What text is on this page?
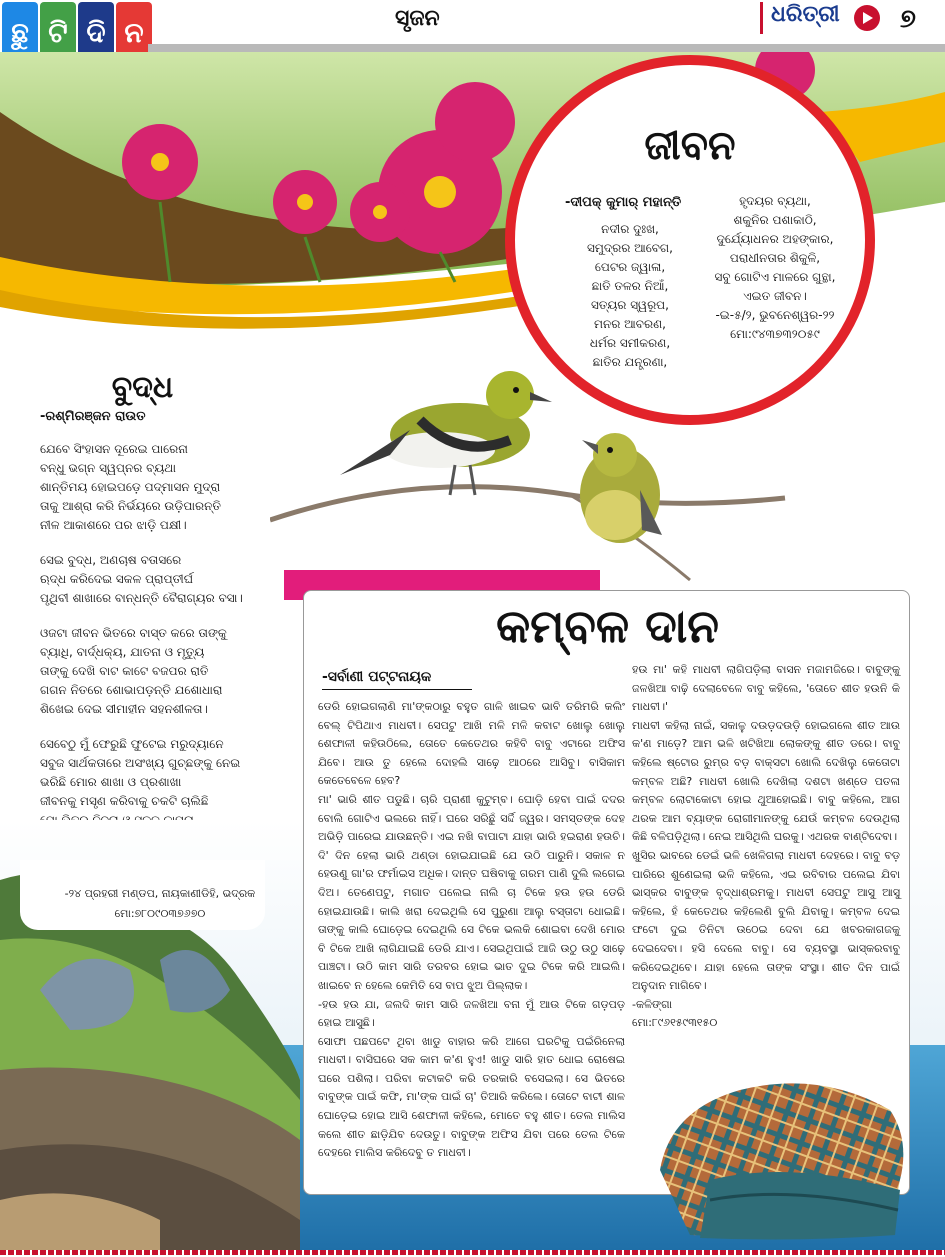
ଛୁ ଟି ଦି ନ	ସୃଜନ	ଧରିତ୍ରୀ	୭
ଜୀବନ
-ଦୀପକ୍ କୁମାର୍ ମହାନ୍ତି
ନଦୀର ଦୁଃଖ,
ସମୁଦ୍ରର ଆବେଗ,
ପେଟର ଜ୍ୱାଳା,
ଛାତି ତଳର ନିଆଁ,
ସତ୍ୟର ସ୍ୱରୂପ,
ମନର ଆବରଣ,
ଧର୍ମର ସମୀକରଣ,
ଛାତିର ଯନ୍ତ୍ରଣା,
ହୃଦୟର ବ୍ୟଥା,
ଶକୁନିର ପଶାକାଠି,
ଦୁର୍ଯ୍ୟୋଧନର ଅହଙ୍କାର,
ପରାଧୀନତାର ଶିକୁଳି,
ସବୁ ଗୋଟିଏ ମାଳରେ ଗୁନ୍ଥା,
ଏଇତ ଜୀବନ।
-ଇ-୫/୨, ଭୁବନେଶ୍ୱର-୨୨
ମୋ:୯୪୩୭୩୨୦୫୯
ବୁଦ୍ଧ
-ରଶ୍ମିରଞ୍ଜନ ରାଉତ
ଯେବେ ସିଂହାସନ ଦୂରେଇ ପାରେନା
ବନ୍ଧୁ ଭଗ୍ନ ସ୍ୱପ୍ନର ବ୍ୟଥା
ଶାନ୍ତିମୟ ହୋଇପଡ଼େ ପଦ୍ମାସନ ମୁଦ୍ରା
ତାକୁ ଆଶ୍ରା କରି ନିର୍ଭୟରେ ଉଡ଼ିପାରନ୍ତି
ନୀଳ ଆକାଶରେ ପର ଝାଡ଼ି ପକ୍ଷୀ।
ସେଇ ବୁଦ୍ଧ, ଅଣଚାଷ ବତାସରେ
ଋଦ୍ଧ କରିଦେଇ ସକଳ ପ୍ରାପ୍ତୀର୍ଘ
ପୃଥିବୀ ଶାଖାରେ ବାନ୍ଧନ୍ତି ବୈରାଗ୍ୟର ବସା।
ଓଜଟା ଜୀବନ ଭିତରେ ବାସ୍ତ କରେ ତାଙ୍କୁ
ବ୍ୟାଧି, ବାର୍ଦ୍ଧକ୍ୟ, ଯାତନା ଓ ମୃତ୍ୟୁ
ତାଙ୍କୁ ଦେଖି ବାଟ କାଟେ ବଜପର ରାତି
ଗଗନ ନିତରେ ଶୋଭାପଡ଼ନ୍ତି ଯଶୋଧାରା
ଶିଖେଇ ଦେଇ ସୀମାହୀନ ସହନଶୀଳତା।
ସେବେଠୁ ମୁଁ ଫେରୁଛି ଫୁଟେଇ ମରୁଦ୍ୟାନେ
ସବୁଜ ସାର୍ଥକତାରେ ଅସଂଖ୍ୟ ଗୁଚ୍ଛଙ୍କୁ ନେଇ
ଭରିଛି ମୋର ଶାଖା ଓ ପ୍ରଶାଖା
ଜୀବନକୁ ମସୃଣ କରିବାକୁ ଚକଟି ଚାଲିଛି
-୨୪ ପ୍ରହରୀ ମଣ୍ଡପ, ନାୟକାଣୀଡିହି, ଭଦ୍ରକ
ମୋ:୭୮୦୯୦୩୭୬୭୦
କମ୍ବଳ ଦାନ
-ସର୍ବାଣୀ ପଟ୍ଟନାୟକ

ଡେରି ହୋଇଗଲାଣି ମା'ଙ୍କଠାରୁ ବହୁତ ଗାଳି ଖାଇବ ଭାବି ତରିମରି କଲିଂ ବେଲ୍ ଟିପିଥାଏ ମାଧବୀ। ସେପଟୁ ଆଖି ମଳି ମଳି କବାଟ ଖୋଲୁ ଖୋଲୁ ଶେଫାଳୀ କହିଉଠିଲେ, ତୋତେ କେତେଥର କହିବି ବାବୁ ଏଟାରେ ଅଫିସ ଯିବେ। ଆଉ ତୁ ହେଲେ ଦୋହଲି ସାଢ଼େ ଆଠରେ ଆସିବୁ। ବାସିକାମ କେତେବେଳେ ହେବ?

ମା' ଭାରି ଶୀତ ପଡୁଛି। ଚାରି ପ୍ରାଣୀ କୁଟୁମ୍ବ। ଘୋଡ଼ି ହେବା ପାଇଁ ଦଦର ବୋଲି ଗୋଟିଏ ଭଲରେ ନାହିଁ। ଘରେ ସରିଛୁଁ ସର୍ଦ୍ଦି ଜ୍ୱର। ସମସ୍ତଙ୍କ ଦେହ ଅଭିଡ଼ି ପାରେଇ ଯାଉଛନ୍ତି। ଏଇ ନଖି ବାପାଟା ଯାହା ଭାରି ହଇରାଣ ହଉଚି। ଦି' ଦିନ ହେଲା ଭାରି ଥଣ୍ଡା ହୋଇଯାଇଛି ଯେ ଉଠି ପାରୁନି। ସକାଳ ନ ହେଉଣୁ ଗା'ର ଫର୍ମାଇସ ଅଧିକ। ଦାନ୍ତ ଘଷିବାକୁ ଗରମ ପାଣି ଦୁଲି ଲଗେଇ ଦିଅ। ତେଣେପଟୁ, ମଗାତ ପଲେଇ ନାଲି ଚା ଟିକେ ହଉ ହଉ ଡେରି ହୋଇଯାଉଛି। କାଲି ଖରା ଦେଇଥିଲି ସେ ପୁରୁଣା ଆଲୁ ବସ୍ତାଟା ଧୋଇଛି। ତାଙ୍କୁ କାଲି ଘୋଡ଼େଇ ଦେଇଥିଲି ସେ ଟିକେ ଭଲକି ଶୋଇବା ଦେଖି ମୋର ବି ଟିକେ ଆଖି ଲାଗିଯାଇଛି ଡେରି ଯାଏ। ସେଇଥିପାଇଁ ଆଜି ଉଠୁ ଉଠୁ ସାଢ଼େ ପାଞ୍ଚଟା। ଉଠି କାମ ସାରି ତରବର ହୋଇ ଭାତ ଦୁଇ ଟିକେ କରି ଆଇଲି। ଖାଇବେ ନ ହେଲେ କେମିତି ସେ ବାପ ଝୁଅ ପିଲ୍ଲାକ।

-ହଉ ହଉ ଯା, ଜଲଦି କାମ ସାରି ଜଳଖିଆ ବନା ମୁଁ ଆଉ ଟିକେ ଗଡ଼ପଡ଼ ହୋଇ ଆସୁଛି।

ସୋଫା ପଛପଟେ ଥିବା ଖାଡୁ ବାହାର କରି ଆଗେ ଘରଟିକୁ ପଇଁରିନେଲା ମାଧବୀ। ବାସିଘରେ ସକ କାମ କ'ଣ ହୁଏ! ଖାଡୁ ସାରି ହାତ ଧୋଇ ରୋଷେଇ ଘରେ ପଶିଲା। ପରିବା କଟାକଟି କରି ତରକାରି ବସେଇଲା। ସେ ଭିତରେ ବାବୁଙ୍କ ପାଇଁ କଫି, ମା'ଙ୍କ ପାଇଁ ଚା' ତିଆରି କରିଲେ। ତୋଟେ ବାଟୀ ଶାଳ ଘୋଡ଼େଇ ହୋଇ ଆସି ଶେଫାଳୀ କହିଲେ, ମୋତେ ବହୁ ଶୀତ। ତେଲ ମାଲିସ କଲେ ଶୀତ ଛାଡ଼ିଯିବ ଦେଉତୁ। ବାବୁଙ୍କ ଅଫିସ ଯିବା ପରେ ତେଲ ଟିକେ ଦେହରେ ମାଲିସ କରିଦେବୁ ତ ମାଧବୀ।

ହଉ ମା' କହି ମାଧବୀ ଲାଗିପଡ଼ିଲା ବାସନ ମଜାମଜିରେ। ବାବୁଙ୍କୁ ଜଳଖିଆ ବାଢ଼ି ଦେଲାବେଳେ ବାବୁ କହିଲେ, 'ତୋତେ ଶୀତ ହଉନି କି ମାଧବୀ।'

ମାଧବୀ କହିଲା ନାଇଁ, ସକାଳୁ ଦଉଡ଼ଦଉଡ଼ି ହୋଇଗଲେ ଶୀତ ଆଉ କ'ଣ ମାଡ଼େ? ଆମ ଭଳି ଖଟିଖିଆ ଲୋକଙ୍କୁ ଶୀତ ଡରେ। ବାବୁ କହିଲେ ଷ୍ଟୋର ରୁମ୍‌ର ବଡ଼ ବାକ୍ସଟା ଖୋଲି ଦେଖିଲୁ କେତୋଟା କମ୍ବଳ ଅଛି? ମାଧବୀ ଖୋଲି ଦେଖିଲା ଦଶଟା ଖଣ୍ଡେ ପତଳା କମ୍ବଳ ଲୋଟାକୋଟା ହୋଇ ଥୁଆହୋଇଛି। ବାବୁ କହିଲେ, ଆଗ ଥରକ ଆମ ବ୍ୟାଙ୍କ ରୋଗୀମାନଙ୍କୁ ଯେଉଁ କମ୍ବଳ ଦେଉଥିଲା କିଛି ବଳିପଡ଼ିଥିଲା। ନେଇ ଆସିଥିଲି ଘରକୁ। ଏଥରକ ବାଣ୍ଟିଦେବା।

ଖୁସିର ଭାବରେ ଡେଇଁ ଭଳି ଖେଳିଗଲା ମାଧବୀ ଦେହରେ। ବାବୁ ବଡ଼ ପାରିରେ ଶୁଣେଇଲା ଭଳି କହିଲେ, ଏଇ ରବିବାର ପଲେଇ ଯିବା ଭାସ୍କର ବାବୁଙ୍କ ବୃଦ୍ଧାଶ୍ରମକୁ। ମାଧବୀ ସେପଟୁ ଆସୁ ଆସୁ କହିଲେ, ହଁ କେତେଥର କହିଲେଣି ବୁଲି ଯିବାକୁ। କମ୍ବଳ ଦେଇ ଫଟୋ ଦୁଇ ତିନିଟା ଉଠେଇ ଦେବା ଯେ ଖବରକାଗଜକୁ ଦେଇଦେବା। ହସି ଦେଲେ ବାବୁ। ସେ ବ୍ୟବସ୍ଥା ଭାସ୍କରବାବୁ କରିଦେଇଥିବେ। ଯାହା ହେଲେ ତାଙ୍କ ସଂସ୍ଥା। ଶୀତ ଦିନ ପାଇଁ ଅନୁଦାନ ମାଗିବେ।

-କଳିଙ୍ଗା

ମୋ:୮୯୬୧୫୯୩୧୫୦
